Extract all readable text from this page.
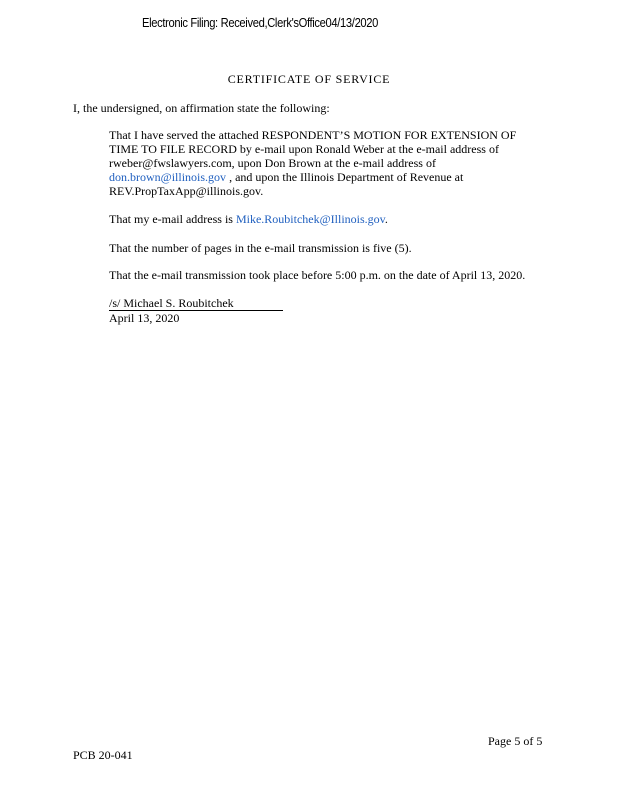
Electronic Filing: Received,Clerk'sOffice04/13/2020
CERTIFICATE OF SERVICE
I, the undersigned, on affirmation state the following:
That I have served the attached RESPONDENT’S MOTION FOR EXTENSION OF
TIME TO FILE RECORD by e-mail upon Ronald Weber at the e-mail address of
rweber@fwslawyers.com, upon Don Brown at the e-mail address of
don.brown@illinois.gov , and upon the Illinois Department of Revenue at
REV.PropTaxApp@illinois.gov.
That my e-mail address is Mike.Roubitchek@Illinois.gov.
That the number of pages in the e-mail transmission is five (5).
That the e-mail transmission took place before 5:00 p.m. on the date of April 13, 2020.
/s/ Michael S. Roubitchek
April 13, 2020
Page 5 of 5
PCB 20-041
